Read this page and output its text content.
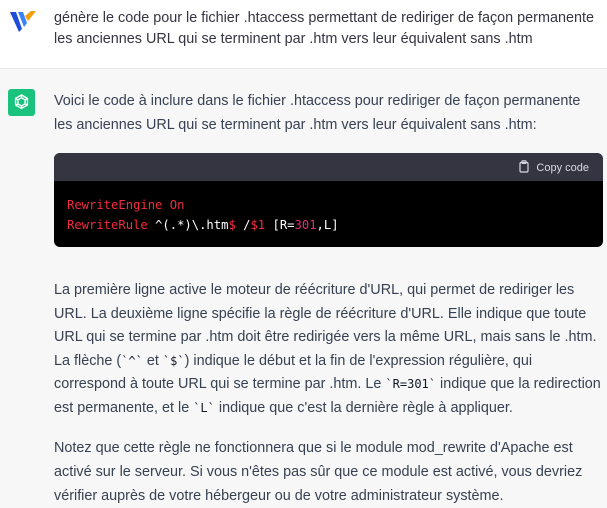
génère le code pour le fichier .htaccess permettant de rediriger de façon permanente les anciennes URL qui se terminent par .htm vers leur équivalent sans .htm
Voici le code à inclure dans le fichier .htaccess pour rediriger de façon permanente les anciennes URL qui se terminent par .htm vers leur équivalent sans .htm:
Copy code
RewriteEngine On
RewriteRule ^(.*)\.htm$ /$1 [R=301,L]
La première ligne active le moteur de réécriture d'URL, qui permet de rediriger les URL. La deuxième ligne spécifie la règle de réécriture d'URL. Elle indique que toute URL qui se termine par .htm doit être redirigée vers la même URL, mais sans le .htm. La flèche (`^` et `$`) indique le début et la fin de l'expression régulière, qui correspond à toute URL qui se termine par .htm. Le `R=301` indique que la redirection est permanente, et le `L` indique que c'est la dernière règle à appliquer.
Notez que cette règle ne fonctionnera que si le module mod_rewrite d'Apache est activé sur le serveur. Si vous n'êtes pas sûr que ce module est activé, vous devriez vérifier auprès de votre hébergeur ou de votre administrateur système.
